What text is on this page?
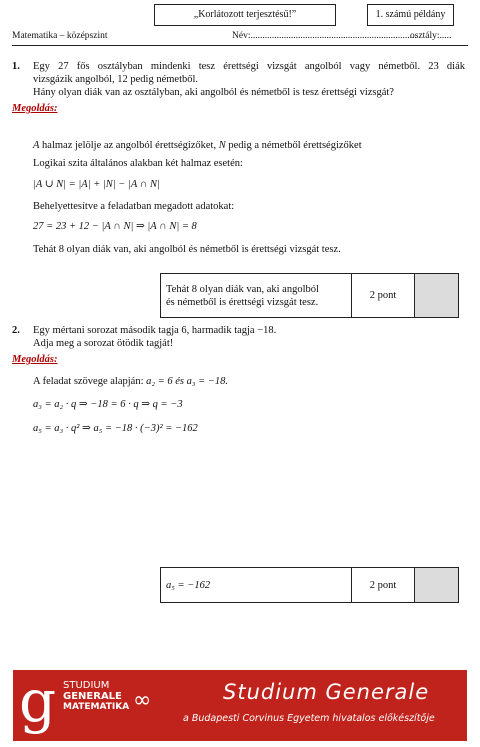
„Korlátozott terjesztésű!”	1. számú példány
Matematika – középszint	Név:......................................................................
osztály:.....
1. Egy 27 fős osztályban mindenki tesz érettségi vizsgát angolból vagy németből. 23 diák
vizsgázik angolból, 12 pedig németből.
Hány olyan diák van az osztályban, aki angolból és németből is tesz érettségi vizsgát?
Megoldás:
A halmaz jelölje az angolból érettségizőket, N pedig a németből érettségizőket
Logikai szita általános alakban két halmaz esetén:
|A ∪ N| = |A| + |N| − |A ∩ N|
Behelyettesítve a feladatban megadott adatokat:
27 = 23 + 12 − |A ∩ N| ⇒ |A ∩ N| = 8
Tehát 8 olyan diák van, aki angolból és németből is érettségi vizsgát tesz.
Tehát 8 olyan diák van, aki angolból
és németből is érettségi vizsgát tesz.
	2 pont	
2. Egy mértani sorozat második tagja 6, harmadik tagja −18.
Adja meg a sorozat ötödik tagját!
Megoldás:
A feladat szövege alapján: a₂ = 6 és a₃ = −18.
a₃ = a₂ · q ⇒ −18 = 6 · q ⇒ q = −3
a₅ = a₃ · q² ⇒ a₅ = −18 · (−3)² = −162
a₅ = −162	2 pont	
g STUDIUM
GENERALE
MATEMATIKA ∞	Studium Generale
a Budapesti Corvinus Egyetem hivatalos előkészítője
